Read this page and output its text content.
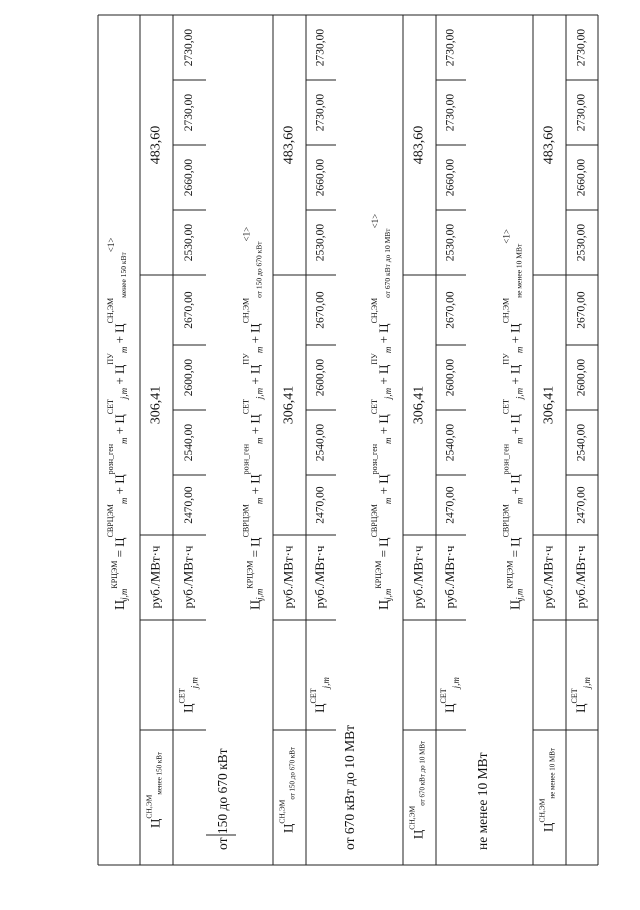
$Ц_{j,m}^{КРЦЭМ}$ $_{= Ц}^{СВРЦЭМ}_m$ $^{+ Црозн\_ген}_m$ $^{+ ЦСЕТ}_{j,m}$ $^{+ ЦПУ}_m$ $^{+ ЦСН,ЭМ}_{менее 150 кВт}^{<1>}$
306,41
483,60
руб./МВт·ч
$Ц^{СН,ЭМ}_{менее 150 кВт}$
2470,00
2540,00
2600,00
2670,00
2530,00
2660,00
2730,00
2730,00
руб./МВт·ч
$Ц^{СЕТ}_{j,m}$
$Ц_{j,m}^{КРЦЭМ}$ $_{= Ц}^{СВРЦЭМ}_m$ $^{+ Црозн\_ген}_m$ $^{+ ЦСЕТ}_{j,m}$ $^{+ ЦПУ}_m$ $^{+ ЦСН,ЭМ}_{от 150 до 670 кВт}^{<1>}$
от 150 до 670 кВт
306,41
483,60
руб./МВт·ч
$Ц^{СН,ЭМ}_{от 150 до 670 кВт}$
2470,00
2540,00
2600,00
2670,00
2530,00
2660,00
2730,00
2730,00
руб./МВт·ч
$Ц^{СЕТ}_{j,m}$
$Ц_{j,m}^{КРЦЭМ}$ $_{= Ц}^{СВРЦЭМ}_m$ $^{+ Црозн\_ген}_m$ $^{+ ЦСЕТ}_{j,m}$ $^{+ ЦПУ}_m$ $^{+ ЦСН,ЭМ}_{от 670 кВт до 10 МВт}^{<1>}$
от 670 кВт до 10 МВт
306,41
483,60
руб./МВт·ч
$Ц^{СН,ЭМ}_{от 670 кВт до 10 МВт}$
2470,00
2540,00
2600,00
2670,00
2530,00
2660,00
2730,00
2730,00
руб./МВт·ч
$Ц^{СЕТ}_{j,m}$
$Ц_{j,m}^{КРЦЭМ}$ $_{= Ц}^{СВРЦЭМ}_m$ $^{+ Црозн\_ген}_m$ $^{+ ЦСЕТ}_{j,m}$ $^{+ ЦПУ}_m$ $^{+ ЦСН,ЭМ}_{не менее 10 МВт}^{<1>}$
не менее 10 МВт
306,41
483,60
руб./МВт·ч
$Ц^{СН,ЭМ}_{не менее 10 МВт}$
2470,00
2540,00
2600,00
2670,00
2530,00
2660,00
2730,00
2730,00
руб./МВт·ч
$Ц^{СЕТ}_{j,m}$
